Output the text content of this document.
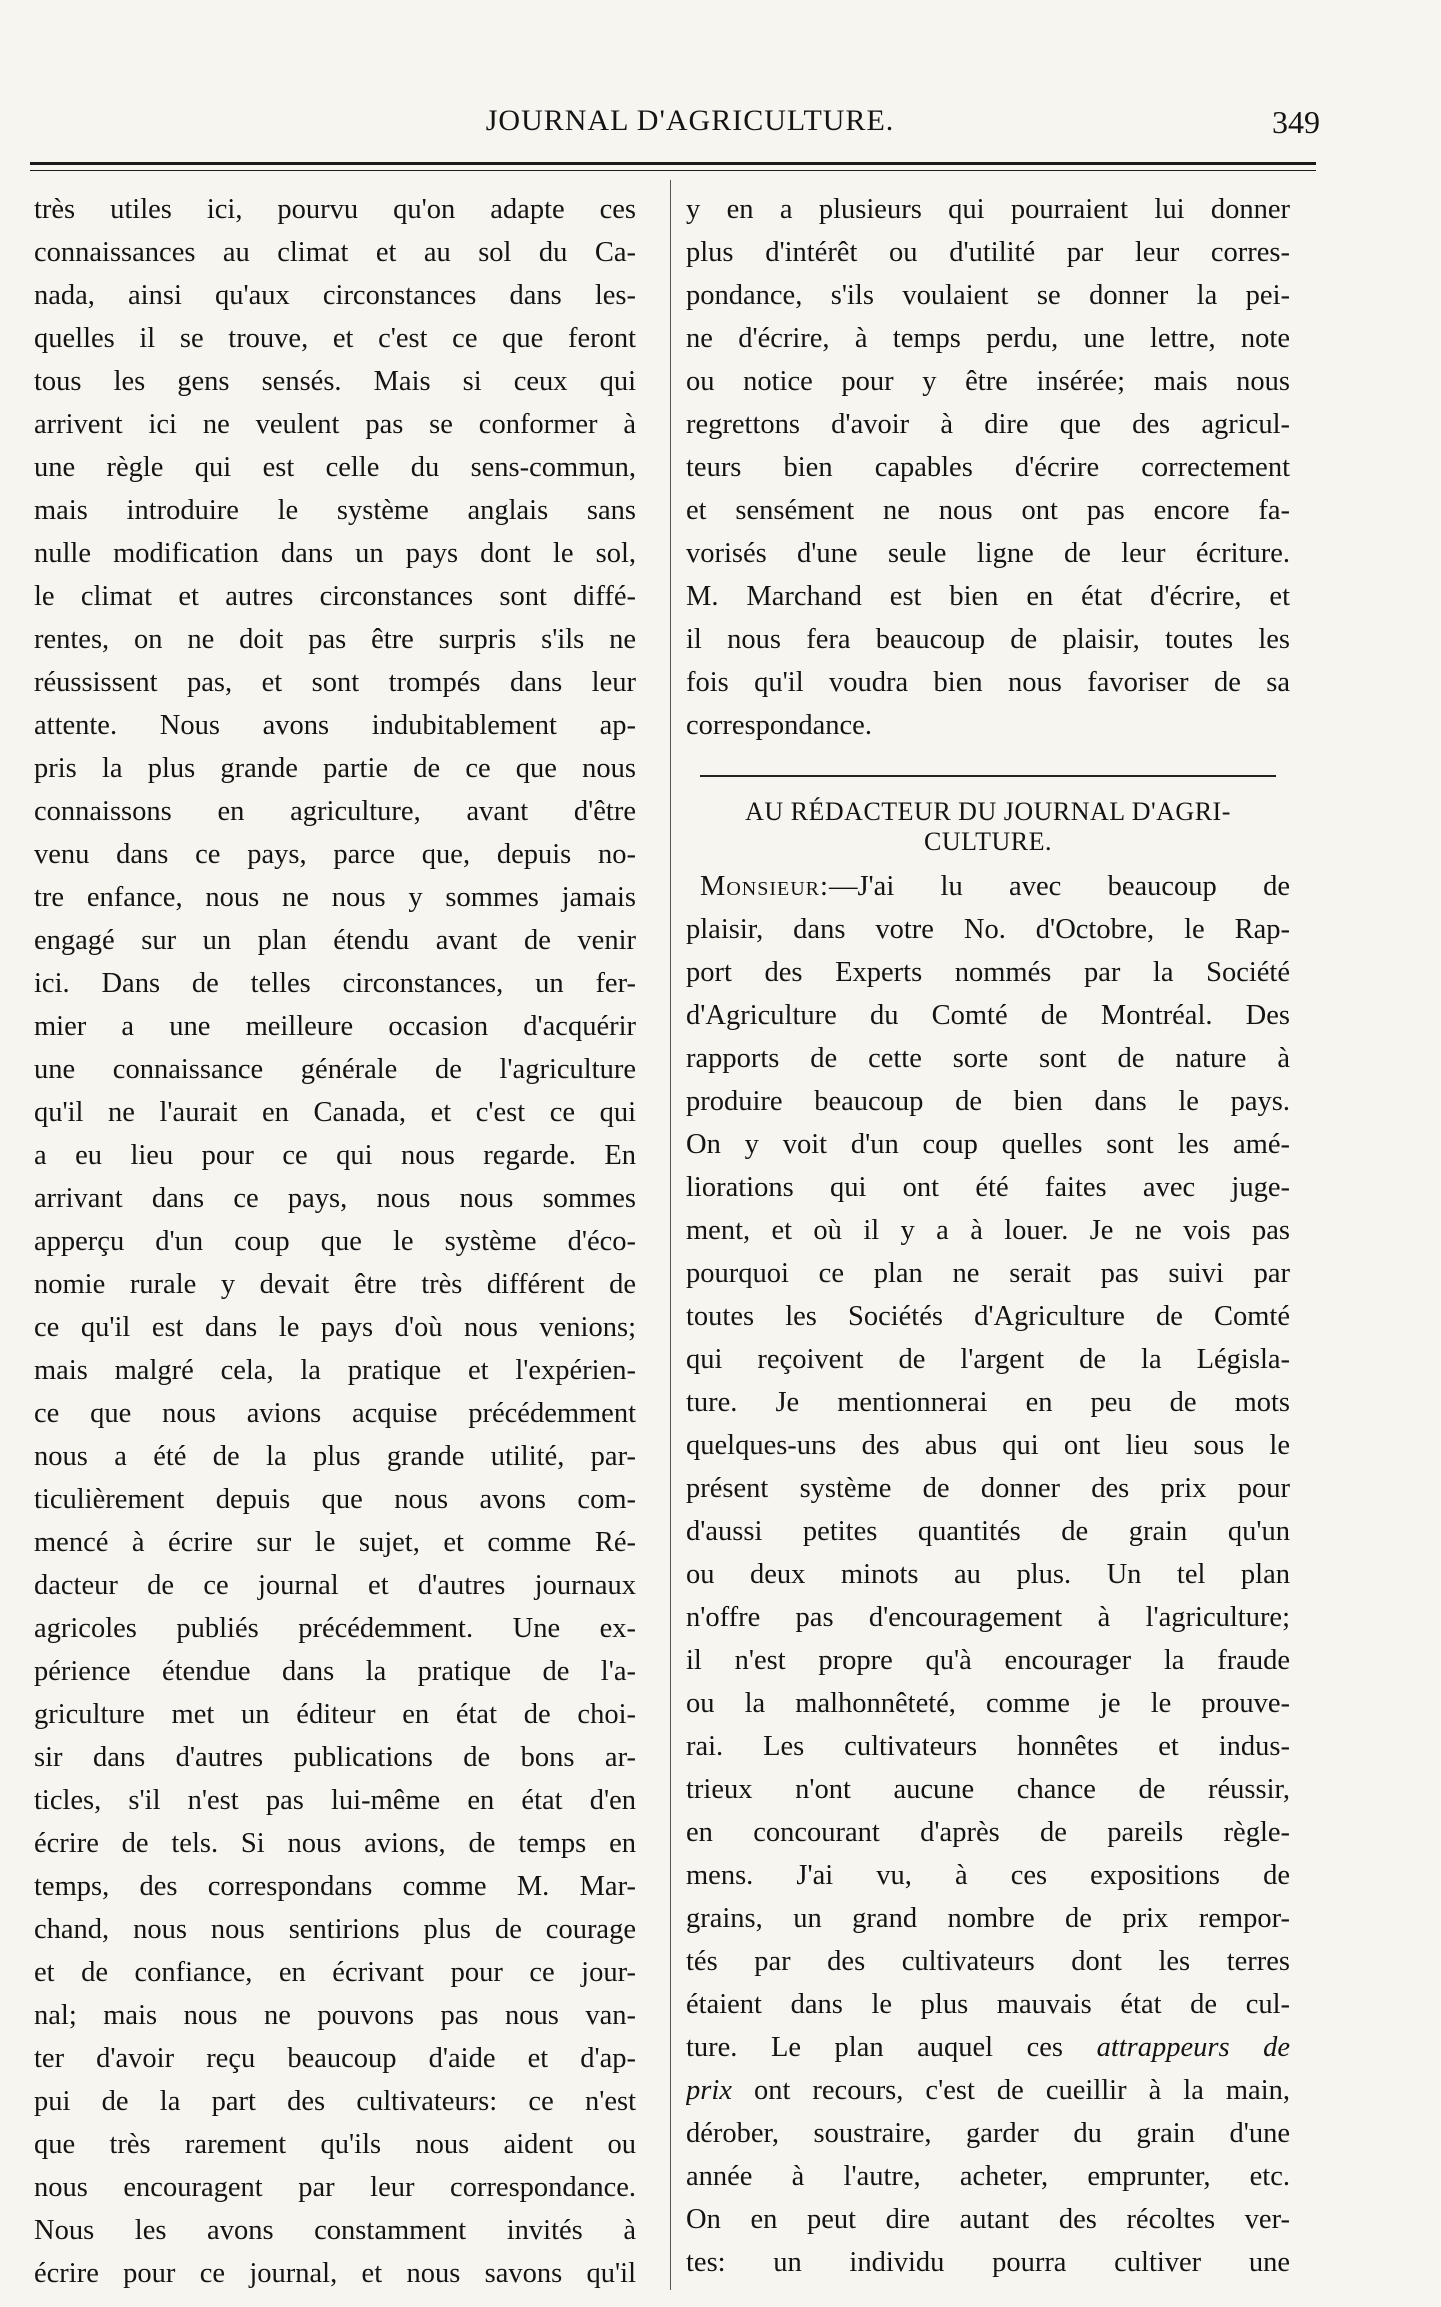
JOURNAL D'AGRICULTURE.	349
très utiles ici, pourvu qu'on adapte ces
connaissances au climat et au sol du Ca-
nada, ainsi qu'aux circonstances dans les-
quelles il se trouve, et c'est ce que feront
tous les gens sensés. Mais si ceux qui
arrivent ici ne veulent pas se conformer à
une règle qui est celle du sens-commun,
mais introduire le système anglais sans
nulle modification dans un pays dont le sol,
le climat et autres circonstances sont diffé-
rentes, on ne doit pas être surpris s'ils ne
réussissent pas, et sont trompés dans leur
attente. Nous avons indubitablement ap-
pris la plus grande partie de ce que nous
connaissons en agriculture, avant d'être
venu dans ce pays, parce que, depuis no-
tre enfance, nous ne nous y sommes jamais
engagé sur un plan étendu avant de venir
ici. Dans de telles circonstances, un fer-
mier a une meilleure occasion d'acquérir
une connaissance générale de l'agriculture
qu'il ne l'aurait en Canada, et c'est ce qui
a eu lieu pour ce qui nous regarde. En
arrivant dans ce pays, nous nous sommes
apperçu d'un coup que le système d'éco-
nomie rurale y devait être très différent de
ce qu'il est dans le pays d'où nous venions;
mais malgré cela, la pratique et l'expérien-
ce que nous avions acquise précédemment
nous a été de la plus grande utilité, par-
ticulièrement depuis que nous avons com-
mencé à écrire sur le sujet, et comme Ré-
dacteur de ce journal et d'autres journaux
agricoles publiés précédemment. Une ex-
périence étendue dans la pratique de l'a-
griculture met un éditeur en état de choi-
sir dans d'autres publications de bons ar-
ticles, s'il n'est pas lui-même en état d'en
écrire de tels. Si nous avions, de temps en
temps, des correspondans comme M. Mar-
chand, nous nous sentirions plus de courage
et de confiance, en écrivant pour ce jour-
nal; mais nous ne pouvons pas nous van-
ter d'avoir reçu beaucoup d'aide et d'ap-
pui de la part des cultivateurs: ce n'est
que très rarement qu'ils nous aident ou
nous encouragent par leur correspondance.
Nous les avons constamment invités à
écrire pour ce journal, et nous savons qu'il
y en a plusieurs qui pourraient lui donner
plus d'intérêt ou d'utilité par leur corres-
pondance, s'ils voulaient se donner la pei-
ne d'écrire, à temps perdu, une lettre, note
ou notice pour y être insérée; mais nous
regrettons d'avoir à dire que des agricul-
teurs bien capables d'écrire correctement
et sensément ne nous ont pas encore fa-
vorisés d'une seule ligne de leur écriture.
M. Marchand est bien en état d'écrire, et
il nous fera beaucoup de plaisir, toutes les
fois qu'il voudra bien nous favoriser de sa
correspondance.
AU RÉDACTEUR DU JOURNAL D'AGRI-
CULTURE.
Monsieur:—J'ai lu avec beaucoup de
plaisir, dans votre No. d'Octobre, le Rap-
port des Experts nommés par la Société
d'Agriculture du Comté de Montréal. Des
rapports de cette sorte sont de nature à
produire beaucoup de bien dans le pays.
On y voit d'un coup quelles sont les amé-
liorations qui ont été faites avec juge-
ment, et où il y a à louer. Je ne vois pas
pourquoi ce plan ne serait pas suivi par
toutes les Sociétés d'Agriculture de Comté
qui reçoivent de l'argent de la Législa-
ture. Je mentionnerai en peu de mots
quelques-uns des abus qui ont lieu sous le
présent système de donner des prix pour
d'aussi petites quantités de grain qu'un
ou deux minots au plus. Un tel plan
n'offre pas d'encouragement à l'agriculture;
il n'est propre qu'à encourager la fraude
ou la malhonnêteté, comme je le prouve-
rai. Les cultivateurs honnêtes et indus-
trieux n'ont aucune chance de réussir,
en concourant d'après de pareils règle-
mens. J'ai vu, à ces expositions de
grains, un grand nombre de prix rempor-
tés par des cultivateurs dont les terres
étaient dans le plus mauvais état de cul-
ture. Le plan auquel ces attrappeurs de
prix ont recours, c'est de cueillir à la main,
dérober, soustraire, garder du grain d'une
année à l'autre, acheter, emprunter, etc.
On en peut dire autant des récoltes ver-
tes: un individu pourra cultiver une
